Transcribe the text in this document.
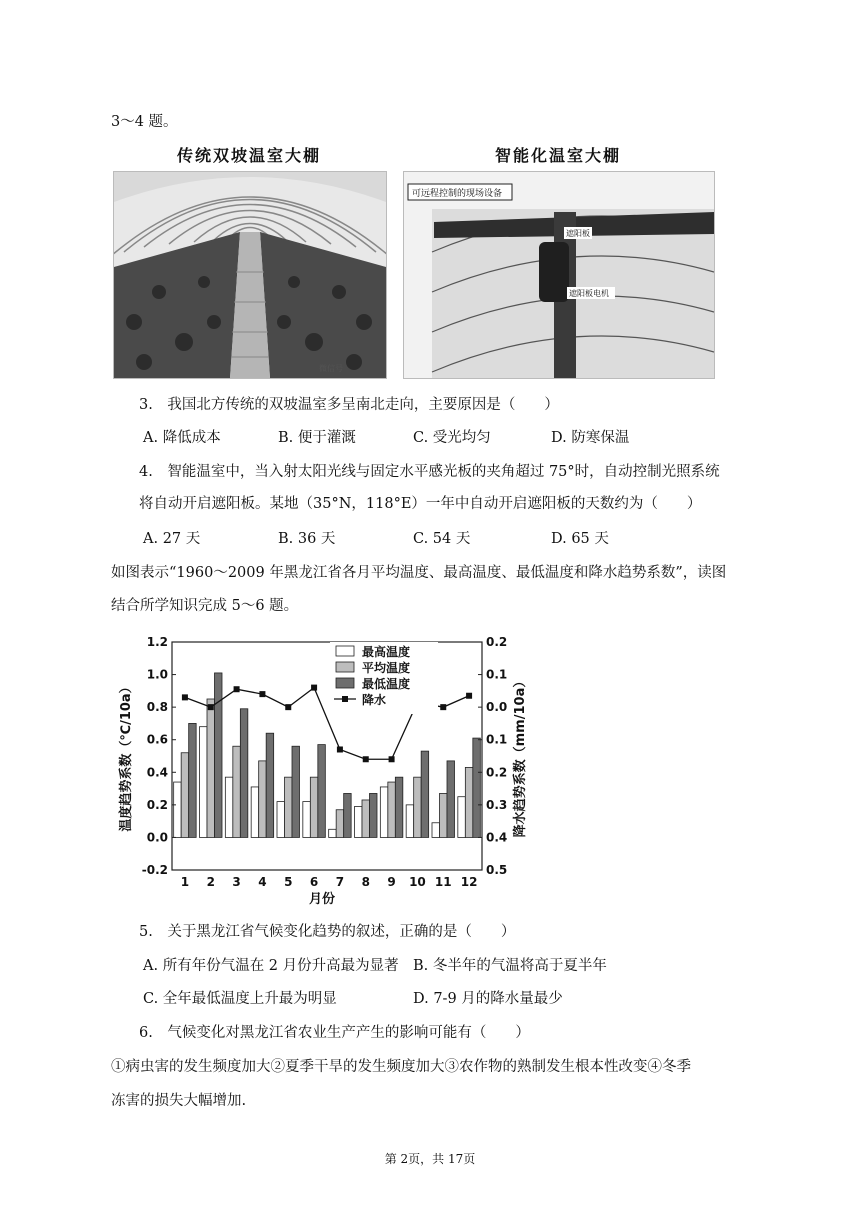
3～4 题。
传统双坡温室大棚	智能化温室大棚
微信号
可远程控制的现场设备
遮阳板
遮阳板电机
3.　我国北方传统的双坡温室多呈南北走向，主要原因是（　　）
A. 降低成本	B. 便于灌溉	C. 受光均匀	D. 防寒保温
4.　智能温室中，当入射太阳光线与固定水平感光板的夹角超过 75°时，自动控制光照系统
将自动开启遮阳板。某地（35°N，118°E）一年中自动开启遮阳板的天数约为（　　）
A. 27 天	B. 36 天	C. 54 天	D. 65 天
如图表示“1960～2009 年黑龙江省各月平均温度、最高温度、最低温度和降水趋势系数”，读图
结合所学知识完成 5～6 题。
1.2
1.0
0.8
0.6
0.4
0.2
0.0
-0.2
0.2
0.1
0.0
0.1
0.2
0.3
0.4
0.5
1 2 3 4 5 6 7 8 9 10 11 12
温度趋势系数（℃/10a）	降水趋势系数（mm/10a）
月份
最高温度
平均温度
最低温度
降水
5.　关于黑龙江省气候变化趋势的叙述，正确的是（　　）
A. 所有年份气温在 2 月份升高最为显著 B. 冬半年的气温将高于夏半年
C. 全年最低温度上升最为明显	D. 7-9 月的降水量最少
6.　气候变化对黑龙江省农业生产产生的影响可能有（　　）
①病虫害的发生频度加大②夏季干旱的发生频度加大③农作物的熟制发生根本性改变④冬季
冻害的损失大幅增加.
第 2页，共 17页
